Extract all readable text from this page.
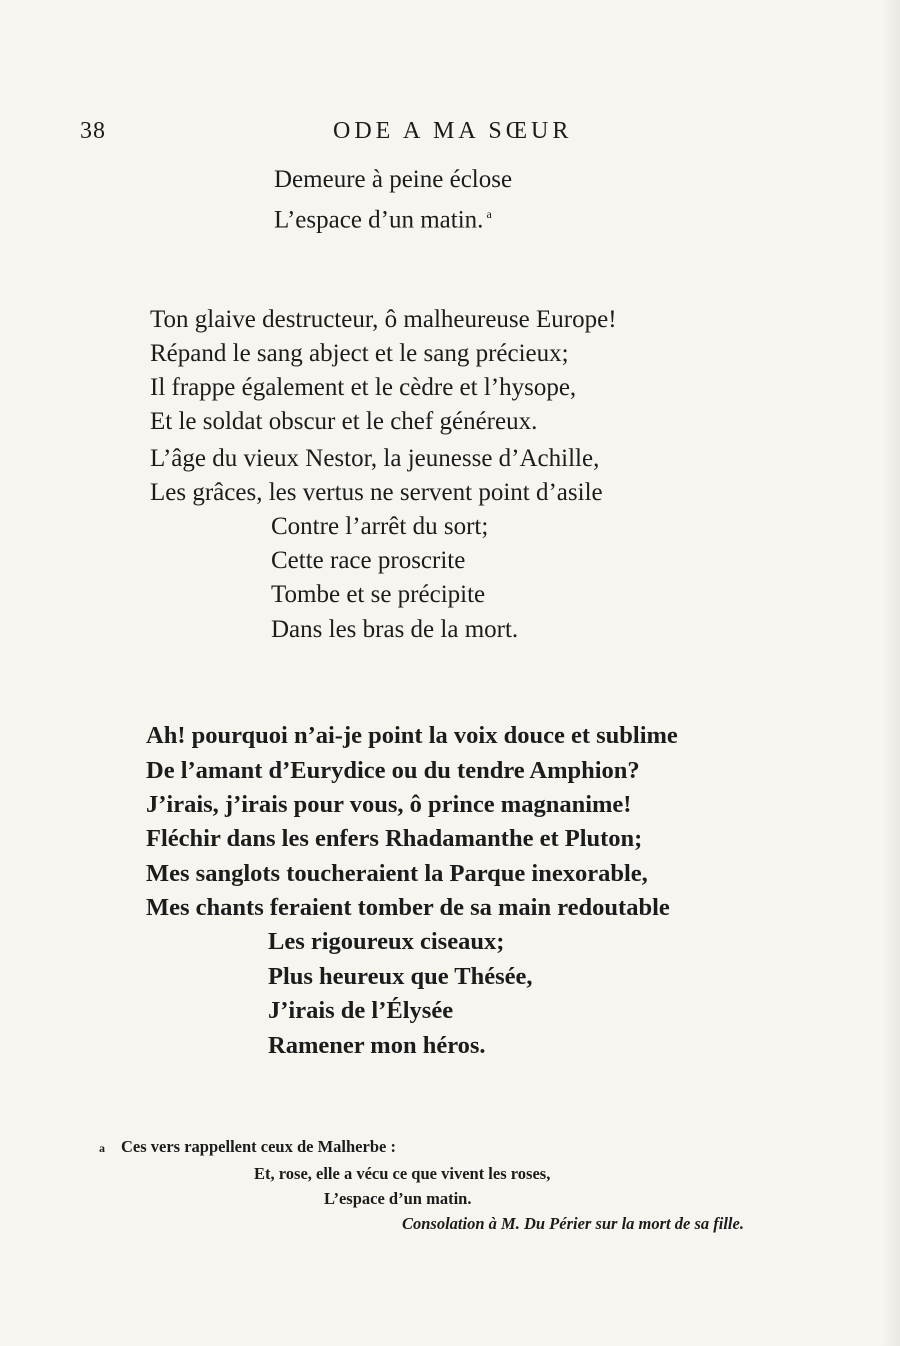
38	ODE A MA SŒUR
Demeure à peine éclose
L’espace d’un matin. $^a$
Ton glaive destructeur, ô malheureuse Europe!
Répand le sang abject et le sang précieux;
Il frappe également et le cèdre et l’hysope,
Et le soldat obscur et le chef généreux.
L’âge du vieux Nestor, la jeunesse d’Achille,
Les grâces, les vertus ne servent point d’asile
Contre l’arrêt du sort;
Cette race proscrite
Tombe et se précipite
Dans les bras de la mort.
Ah! pourquoi n’ai-je point la voix douce et sublime
De l’amant d’Eurydice ou du tendre Amphion?
J’irais, j’irais pour vous, ô prince magnanime!
Fléchir dans les enfers Rhadamanthe et Pluton;
Mes sanglots toucheraient la Parque inexorable,
Mes chants feraient tomber de sa main redoutable
Les rigoureux ciseaux;
Plus heureux que Thésée,
J’irais de l’Élysée
Ramener mon héros.
a Ces vers rappellent ceux de Malherbe :
Et, rose, elle a vécu ce que vivent les roses,
L’espace d’un matin.
Consolation à M. Du Périer sur la mort de sa fille.
